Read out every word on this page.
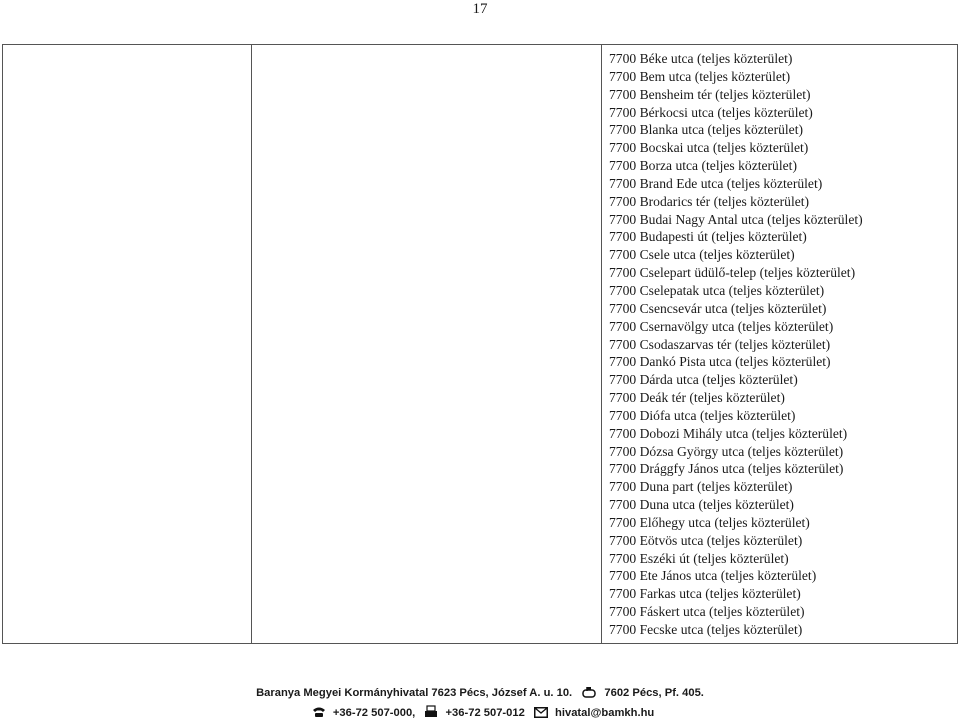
17
7700 Béke utca (teljes közterület)
7700 Bem utca (teljes közterület)
7700 Bensheim tér (teljes közterület)
7700 Bérkocsi utca (teljes közterület)
7700 Blanka utca (teljes közterület)
7700 Bocskai utca (teljes közterület)
7700 Borza utca (teljes közterület)
7700 Brand Ede utca (teljes közterület)
7700 Brodarics tér (teljes közterület)
7700 Budai Nagy Antal utca (teljes közterület)
7700 Budapesti út (teljes közterület)
7700 Csele utca (teljes közterület)
7700 Cselepart üdülő-telep (teljes közterület)
7700 Cselepatak utca (teljes közterület)
7700 Csencsevár utca (teljes közterület)
7700 Csernavölgy utca (teljes közterület)
7700 Csodaszarvas tér (teljes közterület)
7700 Dankó Pista utca (teljes közterület)
7700 Dárda utca (teljes közterület)
7700 Deák tér (teljes közterület)
7700 Diófa utca (teljes közterület)
7700 Dobozi Mihály utca (teljes közterület)
7700 Dózsa György utca (teljes közterület)
7700 Drággfy János utca (teljes közterület)
7700 Duna part (teljes közterület)
7700 Duna utca (teljes közterület)
7700 Előhegy utca (teljes közterület)
7700 Eötvös utca (teljes közterület)
7700 Eszéki út (teljes közterület)
7700 Ete János utca (teljes közterület)
7700 Farkas utca (teljes közterület)
7700 Fáskert utca (teljes közterület)
7700 Fecske utca (teljes közterület)
Baranya Megyei Kormányhivatal 7623 Pécs, József A. u. 10.	7602 Pécs, Pf. 405.
+36-72 507-000,	+36-72 507-012	hivatal@bamkh.hu
